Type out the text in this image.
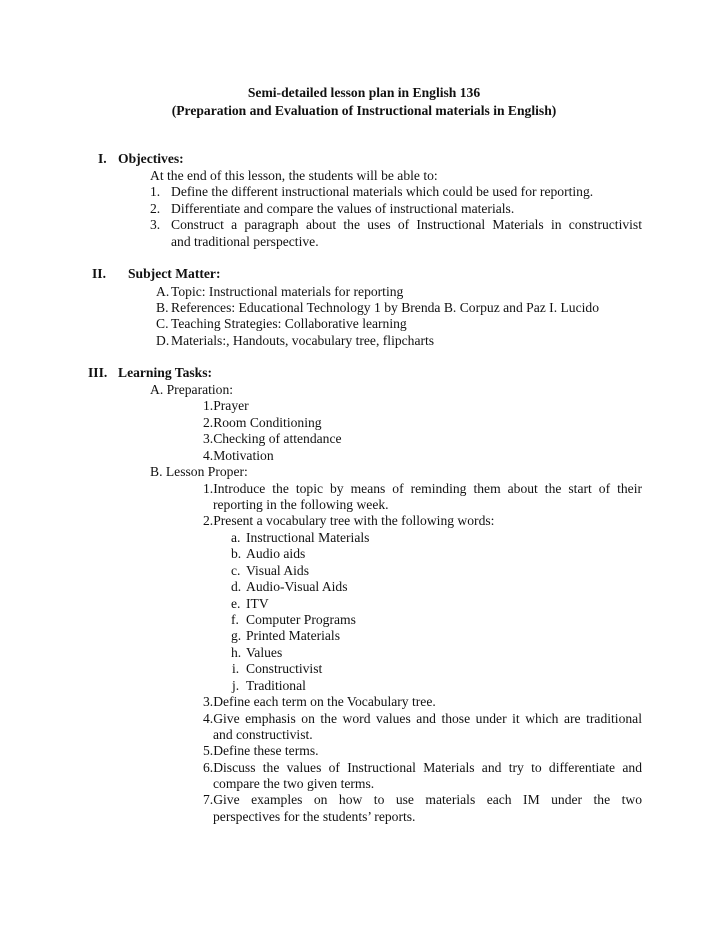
Semi-detailed lesson plan in English 136
(Preparation and Evaluation of Instructional materials in English)
I. Objectives:
At the end of this lesson, the students will be able to:
1. Define the different instructional materials which could be used for reporting.
2. Differentiate and compare the values of instructional materials.
3. Construct a paragraph about the uses of Instructional Materials in constructivist
and traditional perspective.
II. Subject Matter:
A. Topic: Instructional materials for reporting
B. References: Educational Technology 1 by Brenda B. Corpuz and Paz I. Lucido
C. Teaching Strategies: Collaborative learning
D. Materials:, Handouts, vocabulary tree, flipcharts
III. Learning Tasks:
A. Preparation:
1.Prayer
2.Room Conditioning
3.Checking of attendance
4.Motivation
B. Lesson Proper:
1.Introduce the topic by means of reminding them about the start of their
reporting in the following week.
2.Present a vocabulary tree with the following words:
a. Instructional Materials
b. Audio aids
c. Visual Aids
d. Audio-Visual Aids
e. ITV
f. Computer Programs
g. Printed Materials
h. Values
i. Constructivist
j. Traditional
3.Define each term on the Vocabulary tree.
4.Give emphasis on the word values and those under it which are traditional
and constructivist.
5.Define these terms.
6.Discuss the values of Instructional Materials and try to differentiate and
compare the two given terms.
7.Give examples on how to use materials each IM under the two
perspectives for the students’ reports.
